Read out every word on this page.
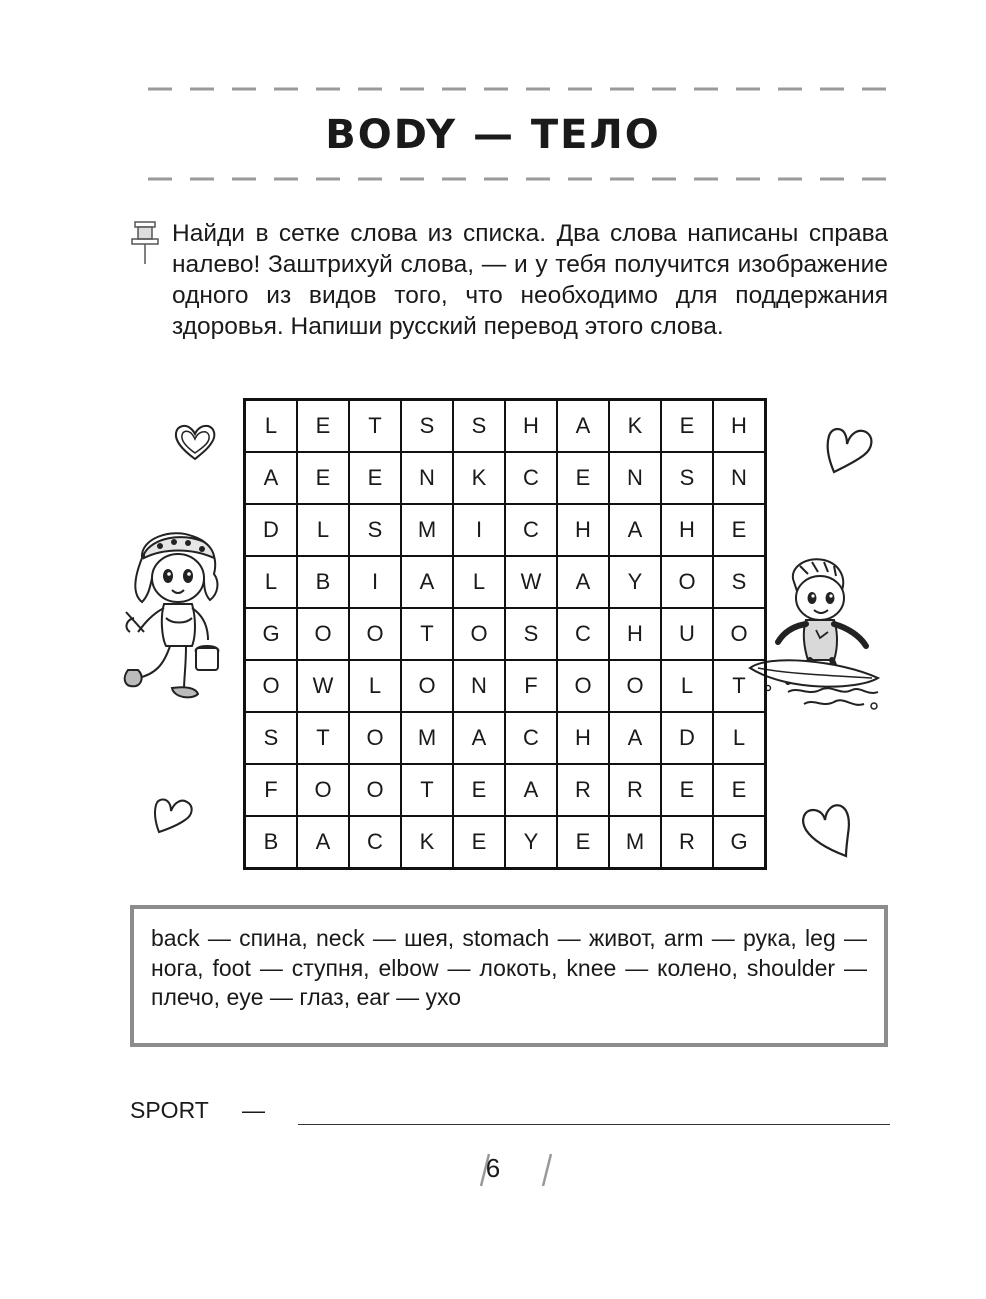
BODY — ТЕЛО
Найди в сетке слова из списка. Два слова написаны справа налево! Заштрихуй слова, — и у тебя получится изображение одного из видов того, что необходимо для поддержания здоровья. Напиши русский перевод этого слова.
L	E	T	S	S	H	A	K	E	H
A	E	E	N	K	C	E	N	S	N
D	L	S	M	I	C	H	A	H	E
L	B	I	A	L	W	A	Y	O	S
G	O	O	T	O	S	C	H	U	O
O	W	L	O	N	F	O	O	L	T
S	T	O	M	A	C	H	A	D	L
F	O	O	T	E	A	R	R	E	E
B	A	C	K	E	Y	E	M	R	G
back — спина, neck — шея, stomach — живот, arm — рука, leg — нога, foot — ступня, elbow — локоть, knee — колено, shoulder — плечо, eye — глаз, ear — ухо
SPORT —
6
